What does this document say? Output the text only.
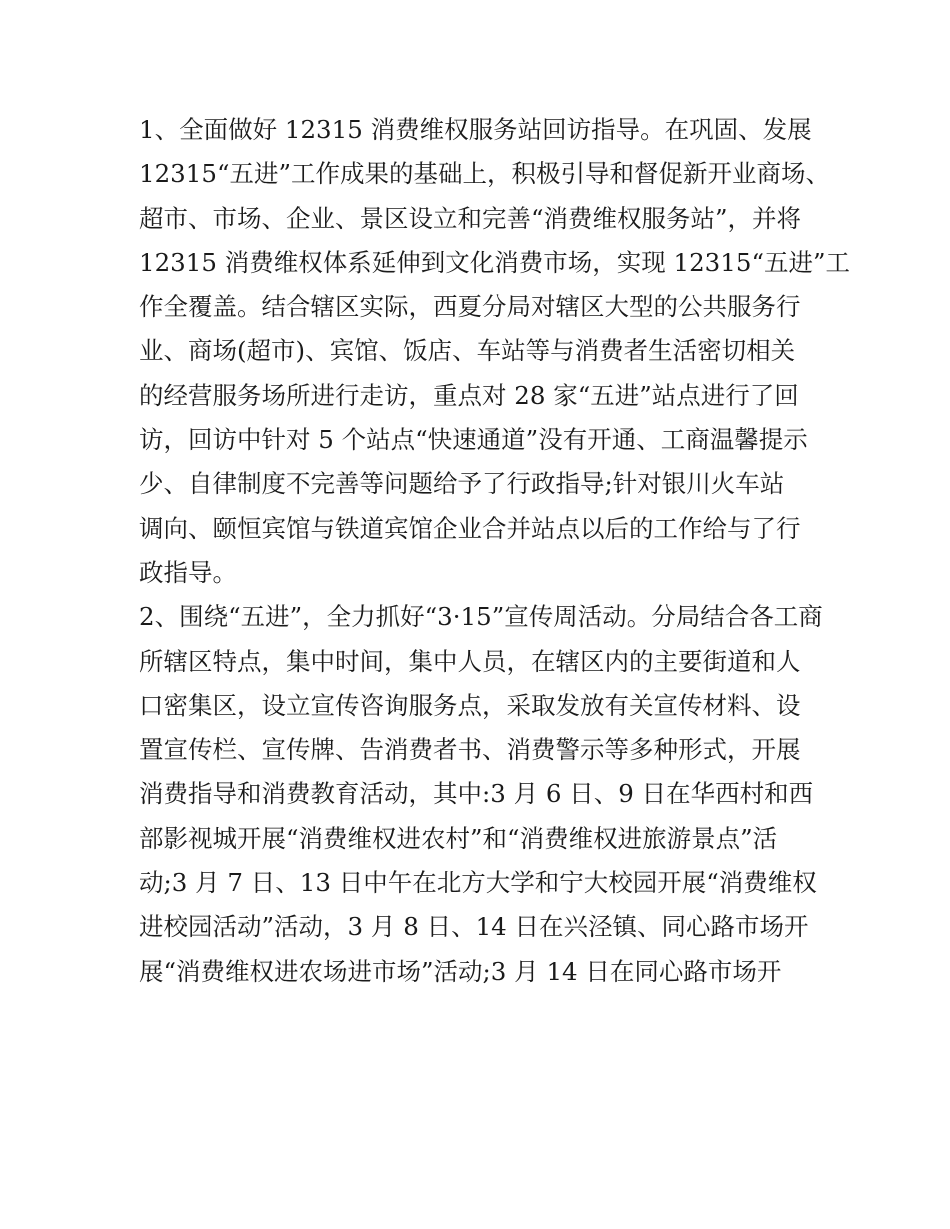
1、全面做好 12315 消费维权服务站回访指导。在巩固、发展
12315“五进”工作成果的基础上，积极引导和督促新开业商场、
超市、市场、企业、景区设立和完善“消费维权服务站”，并将
12315 消费维权体系延伸到文化消费市场，实现 12315“五进”工
作全覆盖。结合辖区实际，西夏分局对辖区大型的公共服务行
业、商场(超市)、宾馆、饭店、车站等与消费者生活密切相关
的经营服务场所进行走访，重点对 28 家“五进”站点进行了回
访，回访中针对 5 个站点“快速通道”没有开通、工商温馨提示
少、自律制度不完善等问题给予了行政指导;针对银川火车站
调向、颐恒宾馆与铁道宾馆企业合并站点以后的工作给与了行
政指导。
2、围绕“五进”，全力抓好“3·15”宣传周活动。分局结合各工商
所辖区特点，集中时间，集中人员，在辖区内的主要街道和人
口密集区，设立宣传咨询服务点，采取发放有关宣传材料、设
置宣传栏、宣传牌、告消费者书、消费警示等多种形式，开展
消费指导和消费教育活动，其中:3 月 6 日、9 日在华西村和西
部影视城开展“消费维权进农村”和“消费维权进旅游景点”活
动;3 月 7 日、13 日中午在北方大学和宁大校园开展“消费维权
进校园活动”活动，3 月 8 日、14 日在兴泾镇、同心路市场开
展“消费维权进农场进市场”活动;3 月 14 日在同心路市场开
